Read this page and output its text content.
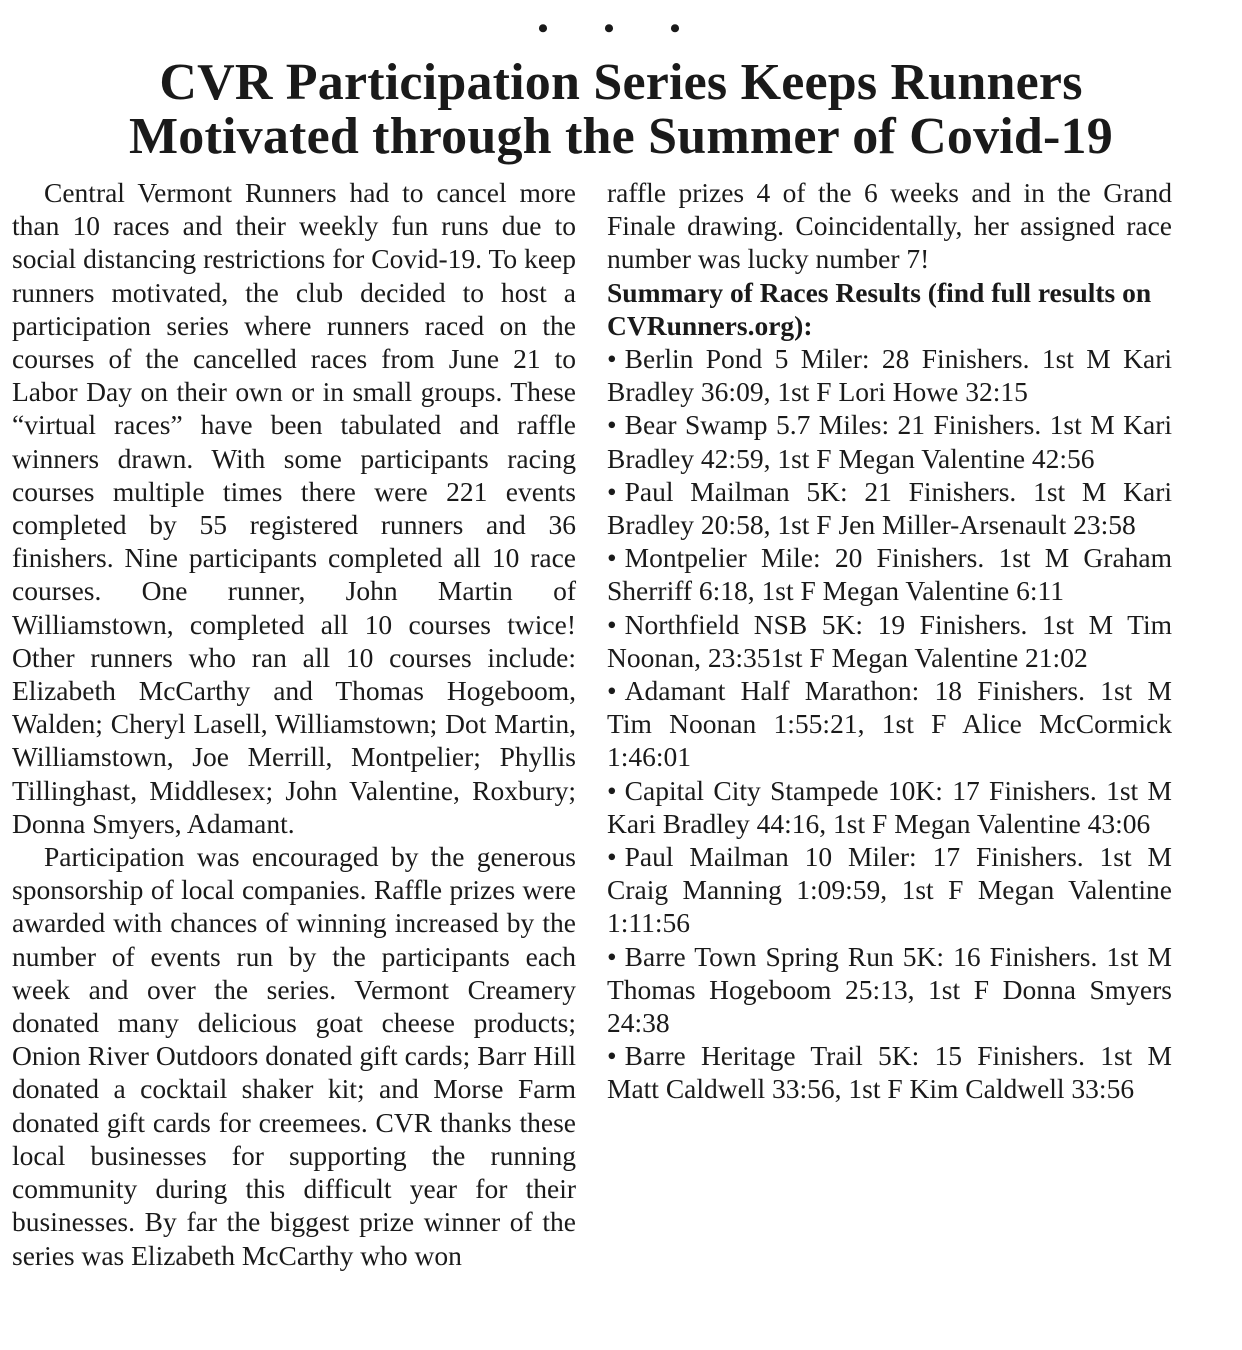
• • •
CVR Participation Series Keeps Runners
Motivated through the Summer of Covid-19

Central Vermont Runners had to cancel more than 10 races and their weekly fun runs due to social distancing restrictions for Covid-19. To keep runners motivated, the club decided to host a participation series where runners raced on the courses of the cancelled races from June 21 to Labor Day on their own or in small groups. These “virtual races” have been tabulated and raffle winners drawn. With some participants racing courses multiple times there were 221 events completed by 55 registered runners and 36 finishers. Nine participants completed all 10 race courses. One runner, John Martin of Williamstown, completed all 10 courses twice! Other runners who ran all 10 courses include: Elizabeth McCarthy and Thomas Hogeboom, Walden; Cheryl Lasell, Williamstown; Dot Martin, Williamstown, Joe Merrill, Montpelier; Phyllis Tillinghast, Middlesex; John Valentine, Roxbury; Donna Smyers, Adamant.

Participation was encouraged by the generous sponsorship of local companies. Raffle prizes were awarded with chances of winning increased by the number of events run by the participants each week and over the series. Vermont Creamery donated many delicious goat cheese products; Onion River Outdoors donated gift cards; Barr Hill donated a cocktail shaker kit; and Morse Farm donated gift cards for creemees. CVR thanks these local businesses for supporting the running community during this difficult year for their businesses. By far the biggest prize winner of the series was Elizabeth McCarthy who won

raffle prizes 4 of the 6 weeks and in the Grand Finale drawing. Coincidentally, her assigned race number was lucky number 7!

Summary of Races Results (find full results on CVRunners.org):

• Berlin Pond 5 Miler: 28 Finishers. 1st M Kari Bradley 36:09, 1st F Lori Howe 32:15

• Bear Swamp 5.7 Miles: 21 Finishers. 1st M Kari Bradley 42:59, 1st F Megan Valentine 42:56

• Paul Mailman 5K: 21 Finishers. 1st M Kari Bradley 20:58, 1st F Jen Miller-Arsenault 23:58

• Montpelier Mile: 20 Finishers. 1st M Graham Sherriff 6:18, 1st F Megan Valentine 6:11

• Northfield NSB 5K: 19 Finishers. 1st M Tim Noonan, 23:351st F Megan Valentine 21:02

• Adamant Half Marathon: 18 Finishers. 1st M Tim Noonan 1:55:21, 1st F Alice McCormick 1:46:01

• Capital City Stampede 10K: 17 Finishers. 1st M Kari Bradley 44:16, 1st F Megan Valentine 43:06

• Paul Mailman 10 Miler: 17 Finishers. 1st M Craig Manning 1:09:59, 1st F Megan Valentine 1:11:56

• Barre Town Spring Run 5K: 16 Finishers. 1st M Thomas Hogeboom 25:13, 1st F Donna Smyers 24:38

• Barre Heritage Trail 5K: 15 Finishers. 1st M Matt Caldwell 33:56, 1st F Kim Caldwell 33:56
